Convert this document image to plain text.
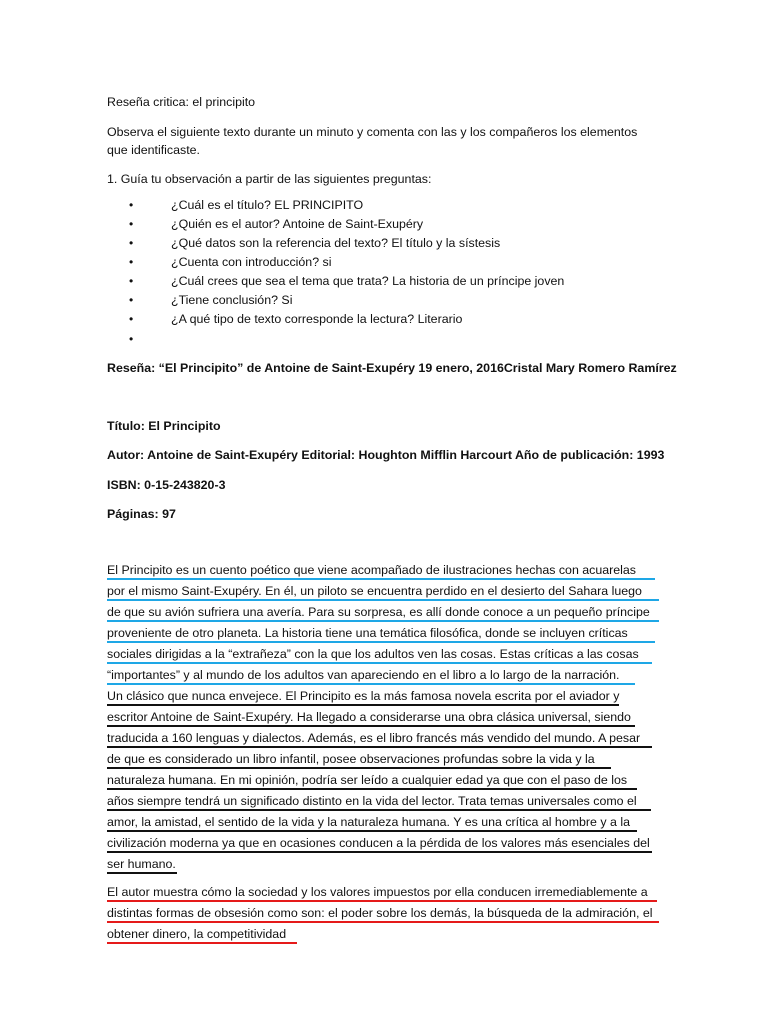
Reseña critica: el principito
Observa el siguiente texto durante un minuto y comenta con las y los compañeros los elementos
que identificaste.
1. Guía tu observación a partir de las siguientes preguntas:
•	¿Cuál es el título? EL PRINCIPITO
•	¿Quién es el autor? Antoine de Saint-Exupéry
•	¿Qué datos son la referencia del texto? El título y la sístesis
•	¿Cuenta con introducción? si
•	¿Cuál crees que sea el tema que trata? La historia de un príncipe joven
•	¿Tiene conclusión? Si
•	¿A qué tipo de texto corresponde la lectura? Literario
•
Reseña: “El Principito” de Antoine de Saint-Exupéry 19 enero, 2016Cristal Mary Romero Ramírez
Título: El Principito
Autor: Antoine de Saint-Exupéry Editorial: Houghton Mifflin Harcourt Año de publicación: 1993
ISBN: 0-15-243820-3
Páginas: 97
El Principito es un cuento poético que viene acompañado de ilustraciones hechas con acuarelas
por el mismo Saint-Exupéry. En él, un piloto se encuentra perdido en el desierto del Sahara luego
de que su avión sufriera una avería. Para su sorpresa, es allí donde conoce a un pequeño príncipe
proveniente de otro planeta. La historia tiene una temática filosófica, donde se incluyen críticas
sociales dirigidas a la “extrañeza” con la que los adultos ven las cosas. Estas críticas a las cosas
“importantes” y al mundo de los adultos van apareciendo en el libro a lo largo de la narración.
Un clásico que nunca envejece. El Principito es la más famosa novela escrita por el aviador y
escritor Antoine de Saint-Exupéry. Ha llegado a considerarse una obra clásica universal, siendo
traducida a 160 lenguas y dialectos. Además, es el libro francés más vendido del mundo. A pesar
de que es considerado un libro infantil, posee observaciones profundas sobre la vida y la
naturaleza humana. En mi opinión, podría ser leído a cualquier edad ya que con el paso de los
años siempre tendrá un significado distinto en la vida del lector. Trata temas universales como el
amor, la amistad, el sentido de la vida y la naturaleza humana. Y es una crítica al hombre y a la
civilización moderna ya que en ocasiones conducen a la pérdida de los valores más esenciales del
ser humano.
El autor muestra cómo la sociedad y los valores impuestos por ella conducen irremediablemente a
distintas formas de obsesión como son: el poder sobre los demás, la búsqueda de la admiración, el
obtener dinero, la competitividad
